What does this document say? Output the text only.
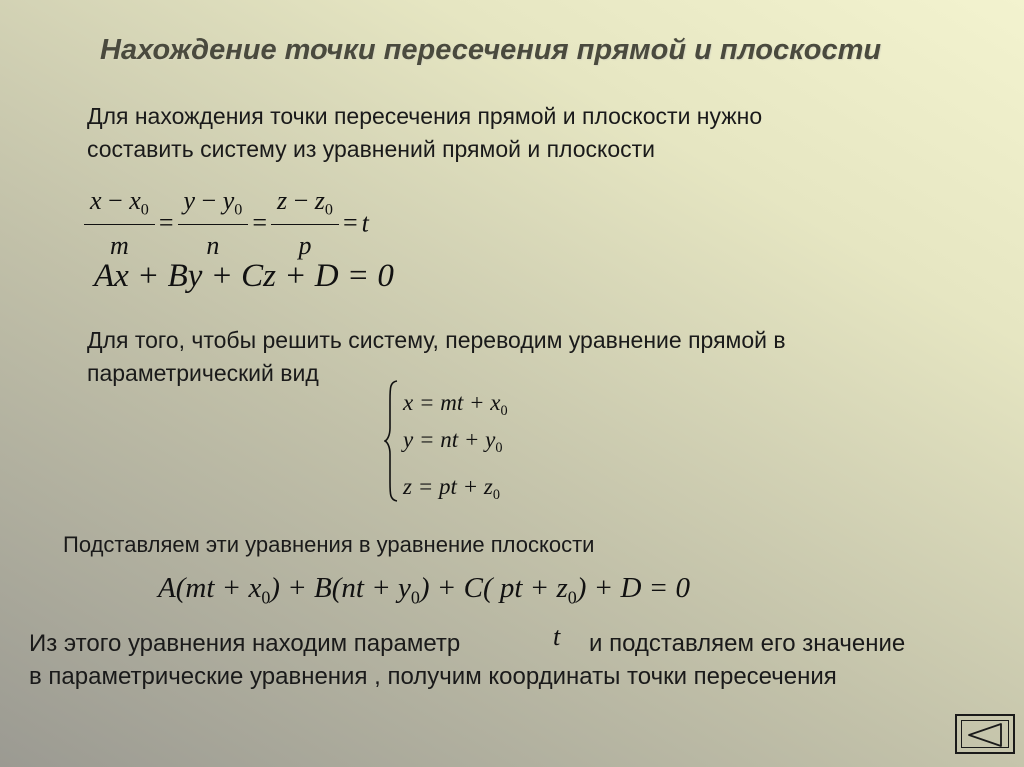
Нахождение точки пересечения прямой и плоскости
Для нахождения точки пересечения прямой и плоскости нужно
составить систему из уравнений прямой и плоскости
$\frac{x - x_0}{m} = \frac{y - y_0}{n} = \frac{z - z_0}{p} = t$
Ax + By + Cz + D = 0
Для того, чтобы решить систему, переводим уравнение прямой в
параметрический вид
x = mt + $x_0$
y = nt + $y_0$
z = pt + $z_0$
Подставляем эти уравнения в уравнение плоскости
$A(mt + x_0) + B(nt + y_0) + C$( pt + $z_0) + D = 0$
Из этого уравнения находим параметр	t и подставляем его значение
в параметрические уравнения , получим координаты точки пересечения
